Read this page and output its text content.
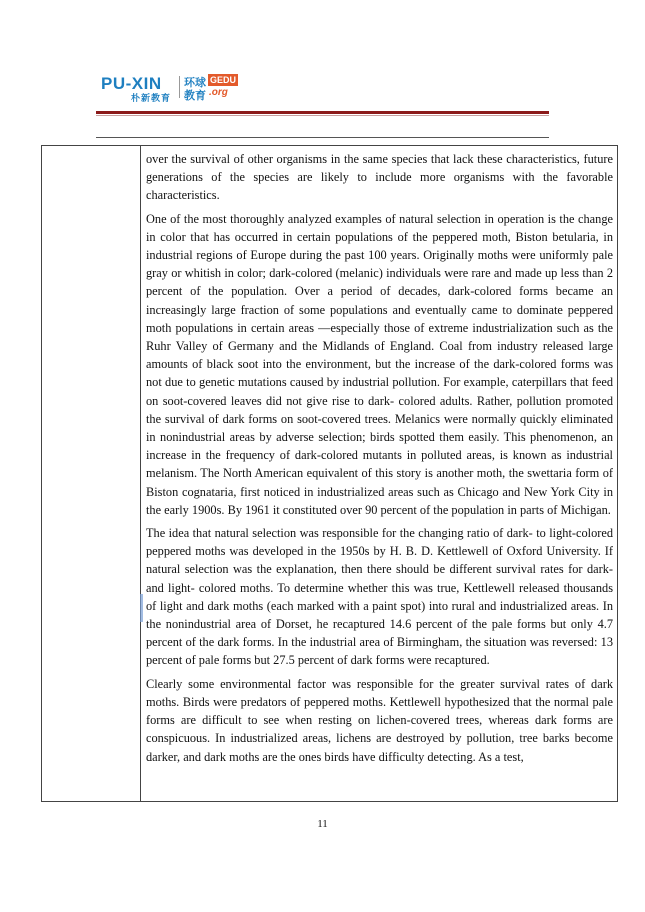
PU-XIN
朴新教育
环球
教育
GEDU
.org

over the survival of other organisms in the same species that lack these characteristics, future generations of the species are likely to include more organisms with the favorable characteristics.

One of the most thoroughly analyzed examples of natural selection in operation is the change in color that has occurred in certain populations of the peppered moth, Biston betularia, in industrial regions of Europe during the past 100 years. Originally moths were uniformly pale gray or whitish in color; dark-colored (melanic) individuals were rare and made up less than 2 percent of the population. Over a period of decades, dark-colored forms became an increasingly large fraction of some populations and eventually came to dominate peppered moth populations in certain areas —especially those of extreme industrialization such as the Ruhr Valley of Germany and the Midlands of England. Coal from industry released large amounts of black soot into the environment, but the increase of the dark-colored forms was not due to genetic mutations caused by industrial pollution. For example, caterpillars that feed on soot-covered leaves did not give rise to dark- colored adults. Rather, pollution promoted the survival of dark forms on soot-covered trees. Melanics were normally quickly eliminated in nonindustrial areas by adverse selection; birds spotted them easily. This phenomenon, an increase in the frequency of dark-colored mutants in polluted areas, is known as industrial melanism. The North American equivalent of this story is another moth, the swettaria form of Biston cognataria, first noticed in industrialized areas such as Chicago and New York City in the early 1900s. By 1961 it constituted over 90 percent of the population in parts of Michigan.

The idea that natural selection was responsible for the changing ratio of dark- to light-colored peppered moths was developed in the 1950s by H. B. D. Kettlewell of Oxford University. If natural selection was the explanation, then there should be different survival rates for dark- and light- colored moths. To determine whether this was true, Kettlewell released thousands of light and dark moths (each marked with a paint spot) into rural and industrialized areas. In the nonindustrial area of Dorset, he recaptured 14.6 percent of the pale forms but only 4.7 percent of the dark forms. In the industrial area of Birmingham, the situation was reversed: 13 percent of pale forms but 27.5 percent of dark forms were recaptured.

Clearly some environmental factor was responsible for the greater survival rates of dark moths. Birds were predators of peppered moths. Kettlewell hypothesized that the normal pale forms are difficult to see when resting on lichen-covered trees, whereas dark forms are conspicuous. In industrialized areas, lichens are destroyed by pollution, tree barks become darker, and dark moths are the ones birds have difficulty detecting. As a test,

11
